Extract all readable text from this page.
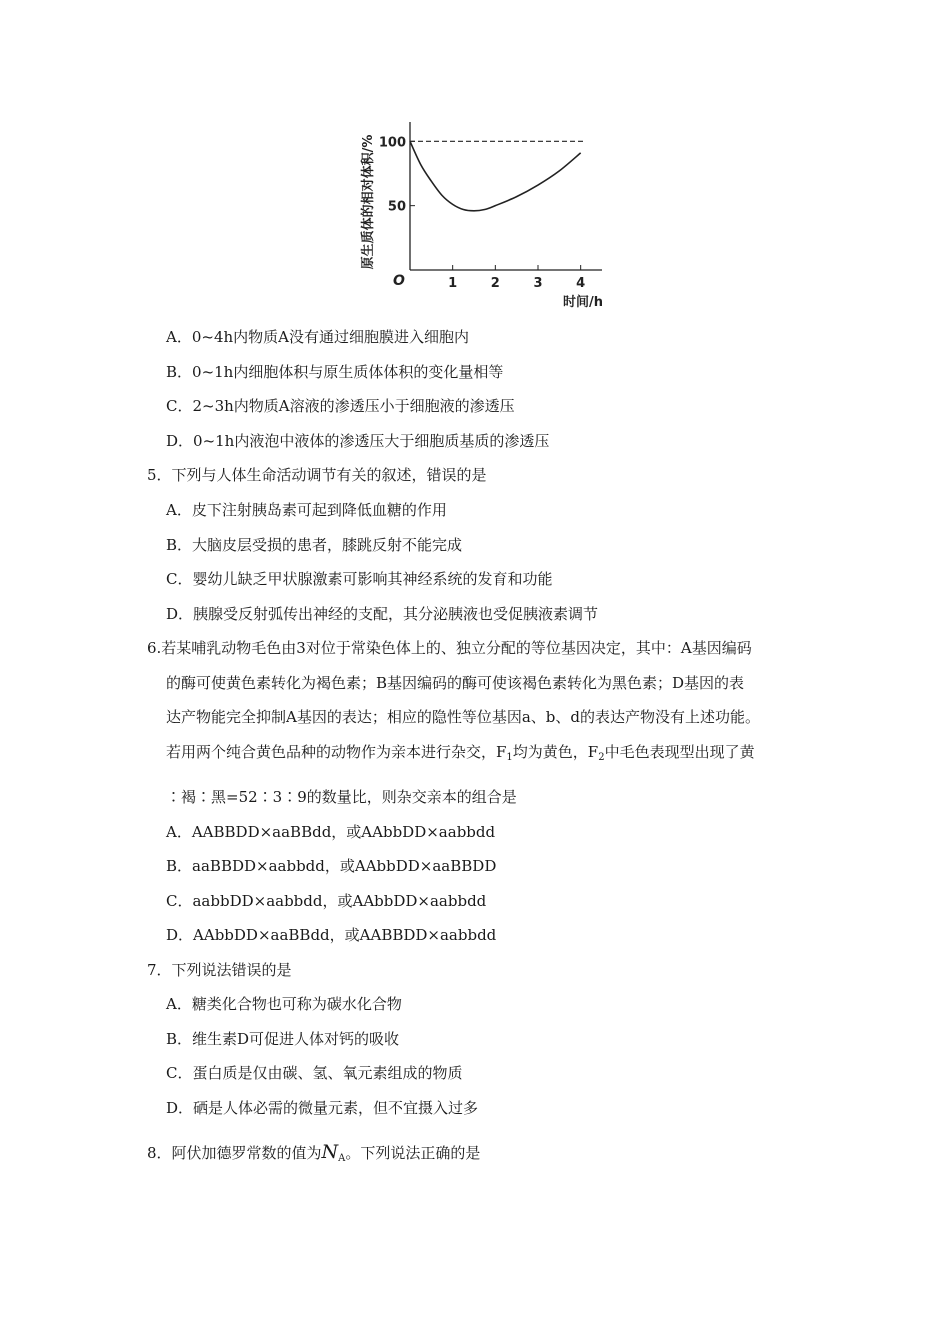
1	2	3	4
50
100
原生质体的相对体积/%
O
时间/h
A．0~4h内物质A没有通过细胞膜进入细胞内
B．0~1h内细胞体积与原生质体体积的变化量相等
C．2~3h内物质A溶液的渗透压小于细胞液的渗透压
D．0~1h内液泡中液体的渗透压大于细胞质基质的渗透压
5．下列与人体生命活动调节有关的叙述，错误的是
A．皮下注射胰岛素可起到降低血糖的作用
B．大脑皮层受损的患者，膝跳反射不能完成
C．婴幼儿缺乏甲状腺激素可影响其神经系统的发育和功能
D．胰腺受反射弧传出神经的支配，其分泌胰液也受促胰液素调节
6.若某哺乳动物毛色由3对位于常染色体上的、独立分配的等位基因决定，其中：A基因编码
的酶可使黄色素转化为褐色素；B基因编码的酶可使该褐色素转化为黑色素；D基因的表
达产物能完全抑制A基因的表达；相应的隐性等位基因a、b、d的表达产物没有上述功能。
若用两个纯合黄色品种的动物作为亲本进行杂交，$F_1$均为黄色，$F_2$中毛色表现型出现了黄
∶褐∶黑=52∶3∶9的数量比，则杂交亲本的组合是
A．AABBDD×aaBBdd，或AAbbDD×aabbdd
B．aaBBDD×aabbdd，或AAbbDD×aaBBDD
C．aabbDD×aabbdd，或AAbbDD×aabbdd
D．AAbbDD×aaBBdd，或AABBDD×aabbdd
7．下列说法错误的是
A．糖类化合物也可称为碳水化合物
B．维生素D可促进人体对钙的吸收
C．蛋白质是仅由碳、氢、氧元素组成的物质
D．硒是人体必需的微量元素，但不宜摄入过多
8．阿伏加德罗常数的值为$N_A$。下列说法正确的是
